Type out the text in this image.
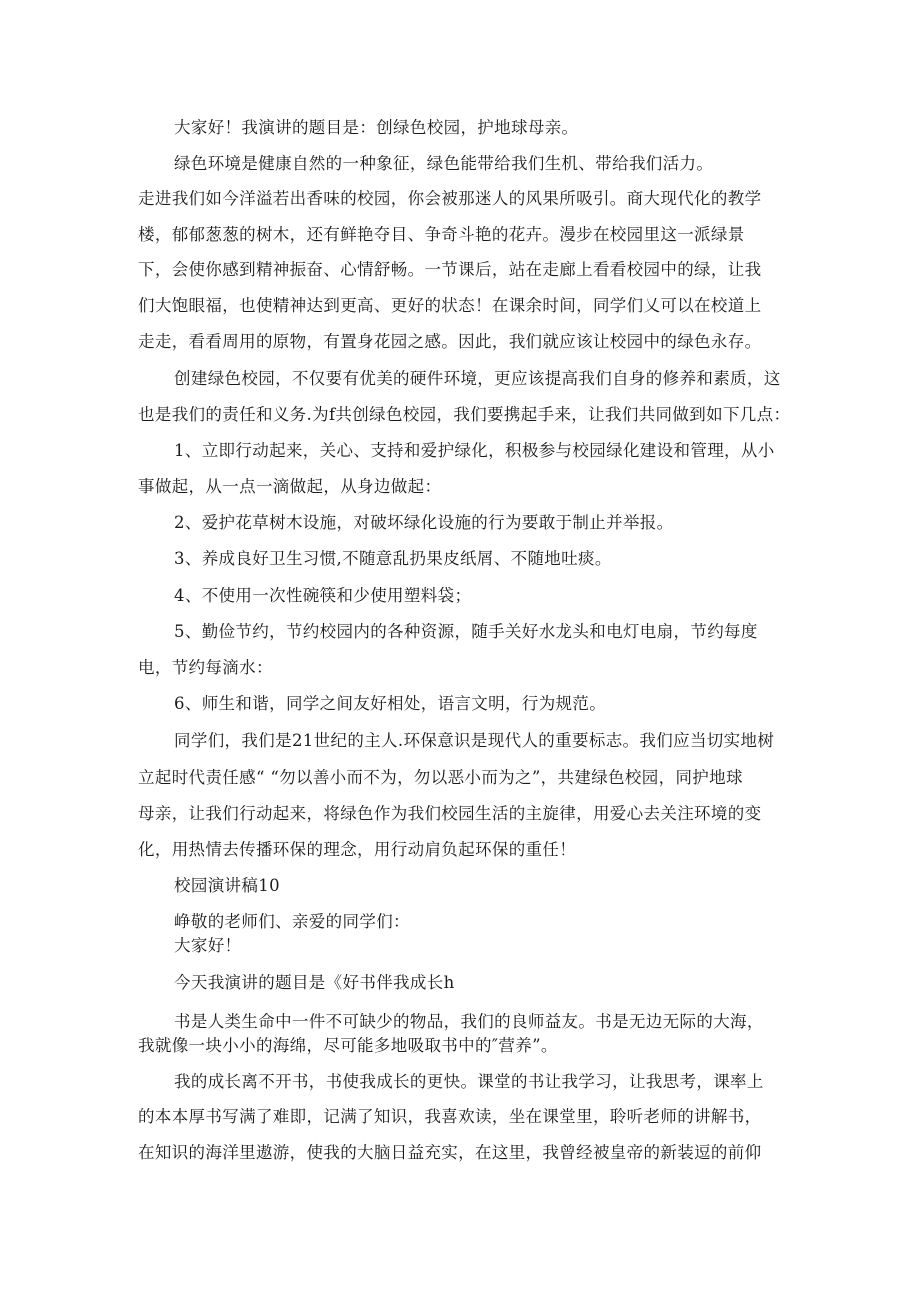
大家好！我演讲的题目是：创绿色校园，护地球母亲。
绿色环境是健康自然的一种象征，绿色能带给我们生机、带给我们活力。
走进我们如今洋溢若出香味的校园，你会被那迷人的风果所吸引。商大现代化的教学
楼，郁郁葱葱的树木，还有鲜艳夺目、争奇斗艳的花卉。漫步在校园里这一派绿景
下，会使你感到精神振奋、心情舒畅。一节课后，站在走廊上看看校园中的绿，让我
们大饱眼福，也使精神达到更高、更好的状态！在课余时间，同学们乂可以在校道上
走走，看看周用的原物，有置身花园之感。因此，我们就应该让校园中的绿色永存。
创建绿色校园，不仅要有优美的硬件环境，更应该提高我们自身的修养和素质，这
也是我们的责任和义务.为f共创绿色校园，我们要携起手来，让我们共同做到如下几点：
1、立即行动起来，关心、支持和爱护绿化，积极参与校园绿化建设和管理，从小
事做起，从一点一滴做起，从身边做起：
2、爱护花草树木设施，对破坏绿化设施的行为要敢于制止并举报。
3、养成良好卫生习惯,不随意乱扔果皮纸屑、不随地吐痰。
4、不使用一次性碗筷和少使用塑料袋；
5、勤俭节约，节约校园内的各种资源，随手关好水龙头和电灯电扇，节约每度
电，节约每滴水：
6、师生和谐，同学之间友好相处，语言文明，行为规范。
同学们，我们是21世纪的主人.环保意识是现代人的重要标志。我们应当切实地树
立起时代责任感“ “勿以善小而不为，勿以恶小而为之”，共建绿色校园，同护地球
母亲，让我们行动起来，将绿色作为我们校园生活的主旋律，用爱心去关注环境的变
化，用热情去传播环保的理念，用行动肩负起环保的重任！
校园演讲稿10
峥敬的老师们、亲爱的同学们：
大家好！
今天我演讲的题目是《好书伴我成长h
书是人类生命中一件不可缺少的物品，我们的良师益友。书是无边无际的大海，
我就像一块小小的海绵，尽可能多地吸取书中的″营养”。
我的成长离不开书，书使我成长的更快。课堂的书让我学习，让我思考，课率上
的本本厚书写满了难即，记满了知识，我喜欢读，坐在课堂里，聆听老师的讲解书，
在知识的海洋里遨游，使我的大脑日益充实，在这里，我曾经被皇帝的新装逗的前仰
